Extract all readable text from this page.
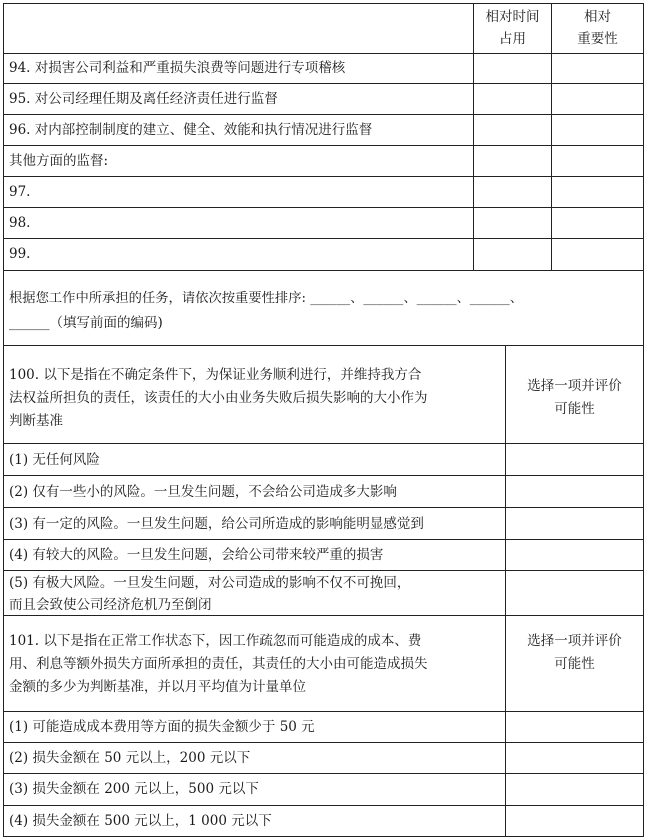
相对时间
占用
相对
重要性
94. 对损害公司利益和严重损失浪费等问题进行专项稽核
95. 对公司经理任期及离任经济责任进行监督
96. 对内部控制制度的建立、健全、效能和执行情况进行监督
其他方面的监督:
97.
98.
99.
根据您工作中所承担的任务，请依次按重要性排序: ______、______、______、______、
______（填写前面的编码)
100. 以下是指在不确定条件下，为保证业务顺利进行，并维持我方合
法权益所担负的责任，该责任的大小由业务失败后损失影响的大小作为
判断基准
选择一项并评价
可能性
(1) 无任何风险
(2) 仅有一些小的风险。一旦发生问题，不会给公司造成多大影响
(3) 有一定的风险。一旦发生问题，给公司所造成的影响能明显感觉到
(4) 有较大的风险。一旦发生问题，会给公司带来较严重的损害
(5) 有极大风险。一旦发生问题，对公司造成的影响不仅不可挽回，
而且会致使公司经济危机乃至倒闭
101. 以下是指在正常工作状态下，因工作疏忽而可能造成的成本、费
用、利息等额外损失方面所承担的责任，其责任的大小由可能造成损失
金额的多少为判断基准，并以月平均值为计量单位
选择一项并评价
可能性
(1) 可能造成成本费用等方面的损失金额少于 50 元
(2) 损失金额在 50 元以上，200 元以下
(3) 损失金额在 200 元以上，500 元以下
(4) 损失金额在 500 元以上，1 000 元以下
